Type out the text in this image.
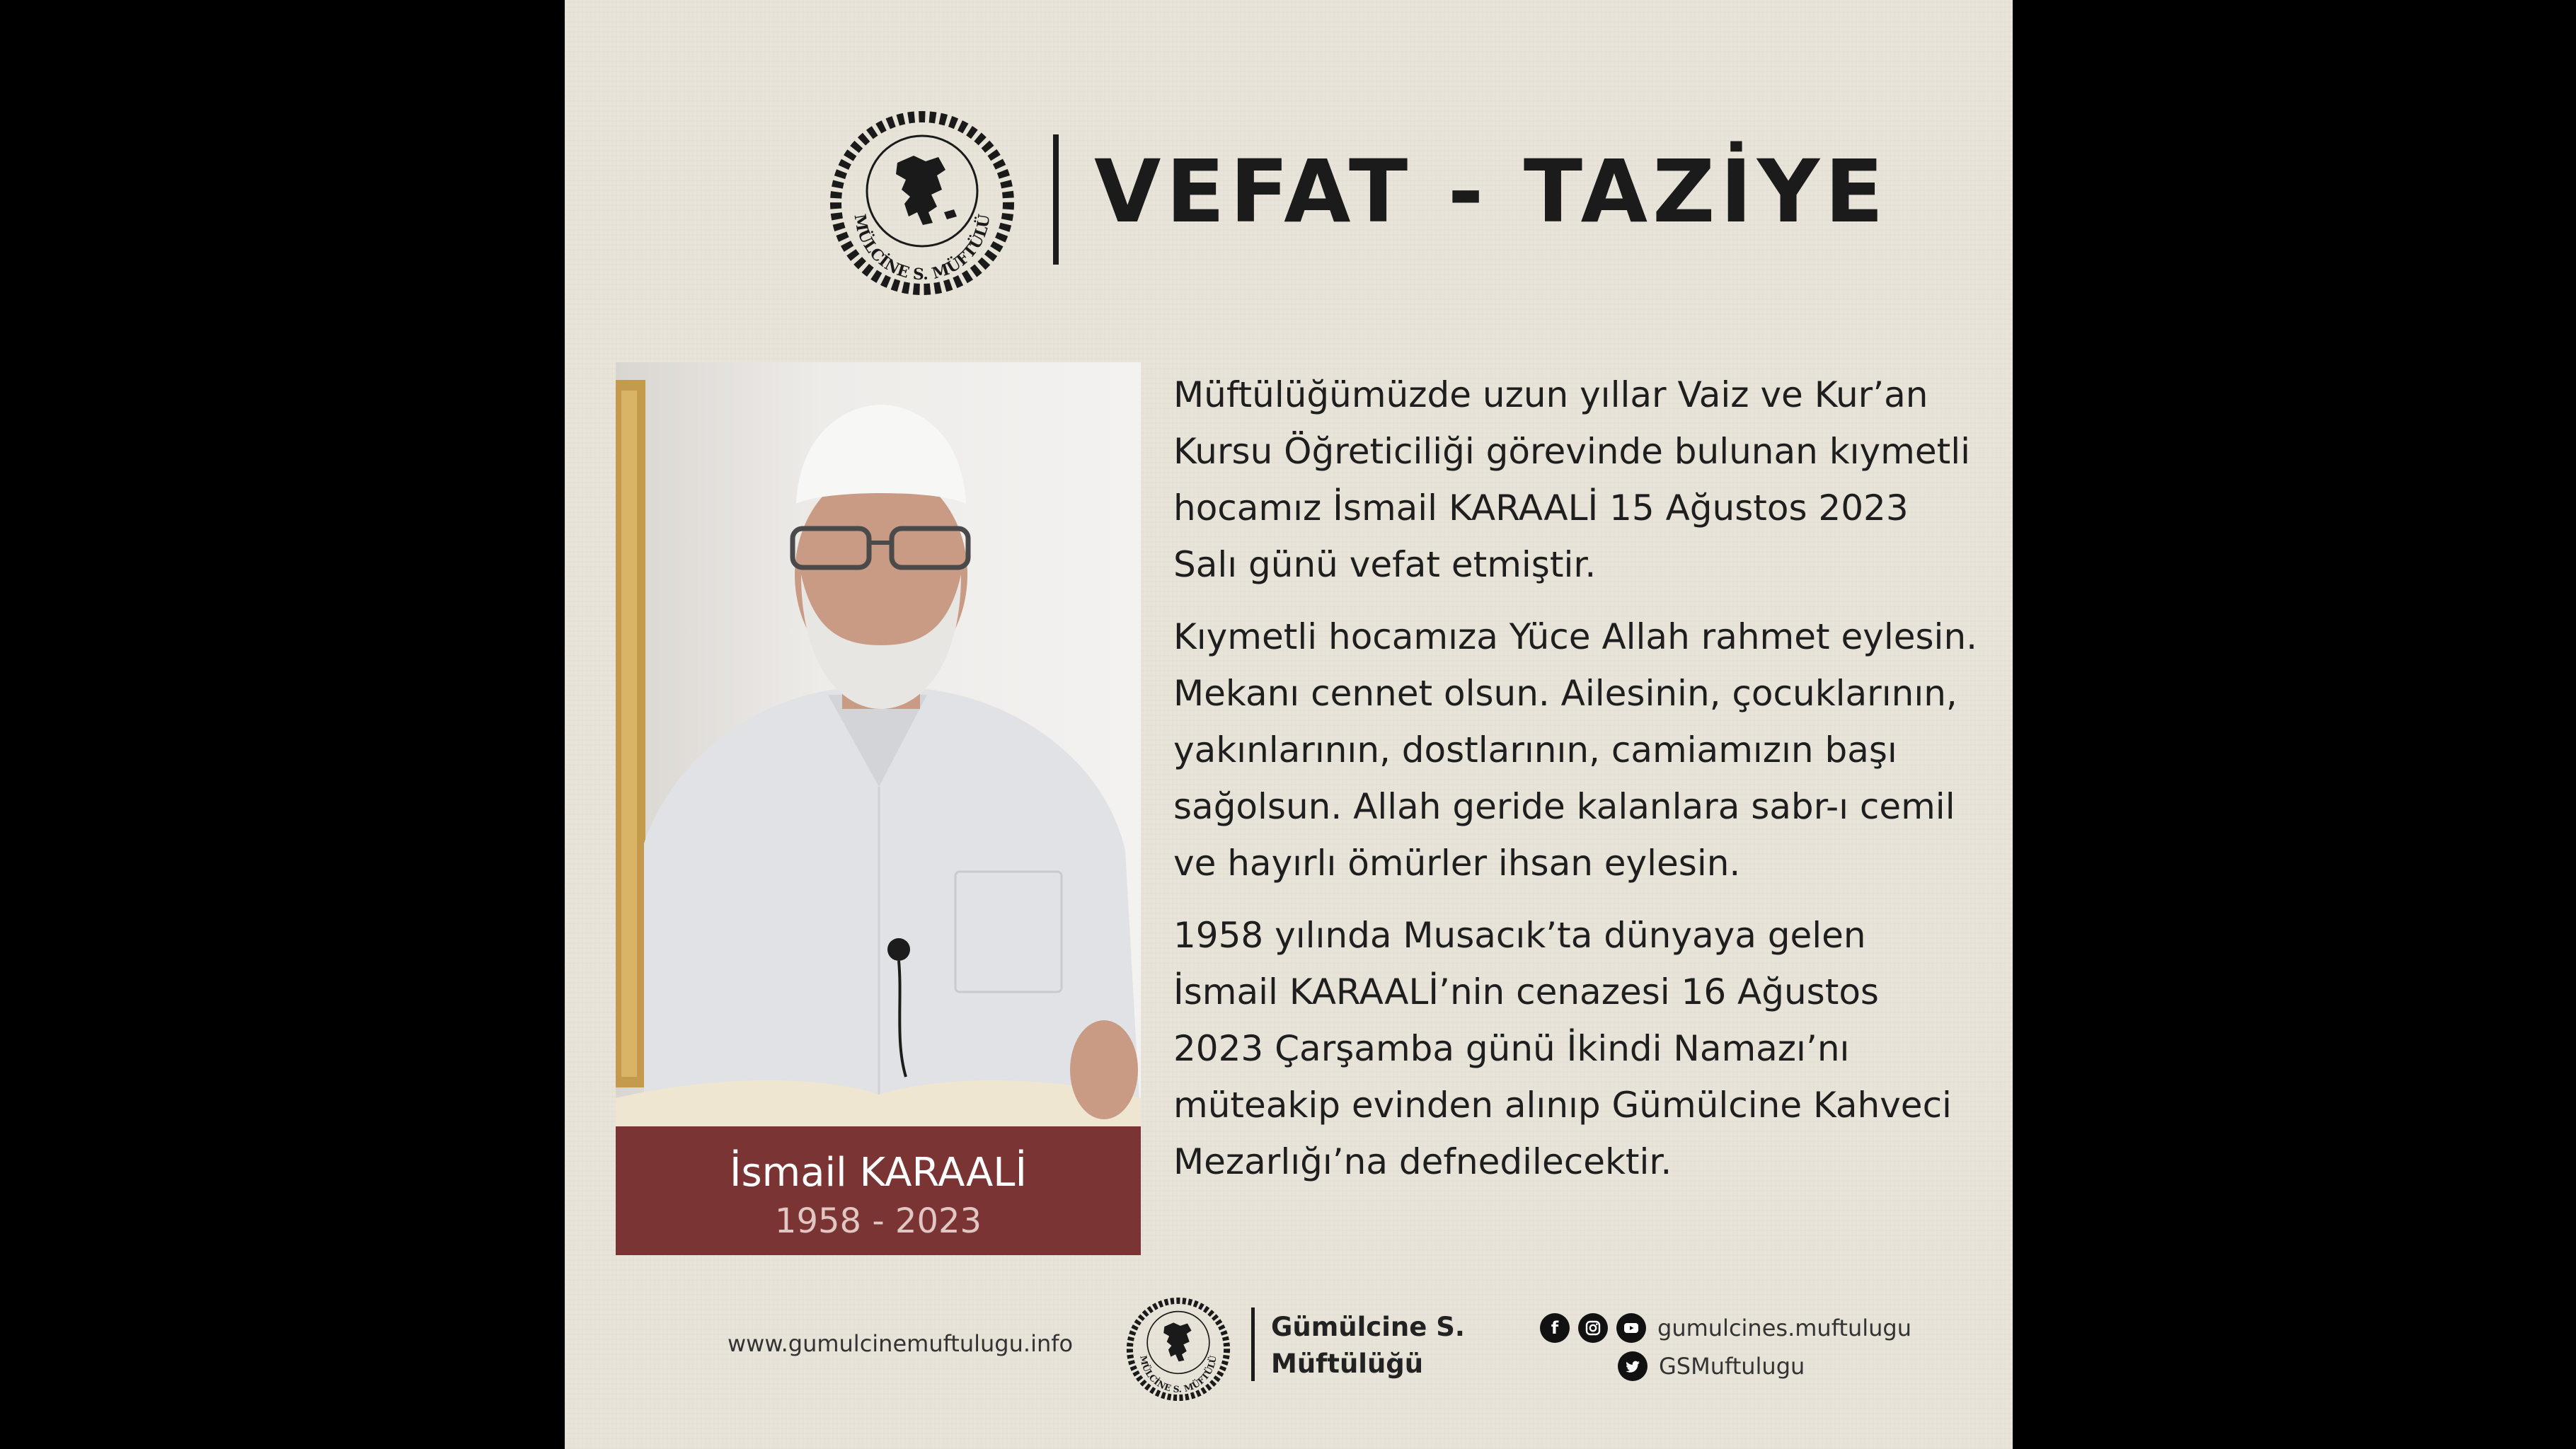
MÜLCİNE S. MÜFTÜLÜ VEFAT - TAZİYE
İsmail KARAALİ
1958 - 2023

Müftülüğümüzde uzun yıllar Vaiz ve Kur’an Kursu Öğreticiliği görevinde bulunan kıymetli hocamız İsmail KARAALİ 15 Ağustos 2023 Salı günü vefat etmiştir.

Kıymetli hocamıza Yüce Allah rahmet eylesin. Mekanı cennet olsun. Ailesinin, çocuklarının, yakınlarının, dostlarının, camiamızın başı sağolsun. Allah geride kalanlara sabr-ı cemil ve hayırlı ömürler ihsan eylesin.

1958 yılında Musacık’ta dünyaya gelen İsmail KARAALİ’nin cenazesi 16 Ağustos 2023 Çarşamba günü İkindi Namazı’nı müteakip evinden alınıp Gümülcine Kahveci Mezarlığı’na defnedilecektir.

www.gumulcinemuftulugu.info
MÜLCİNE S. MÜFTÜLÜ
Gümülcine S.
Müftülüğü
f	gumulcines.muftulugu
GSMuftulugu
